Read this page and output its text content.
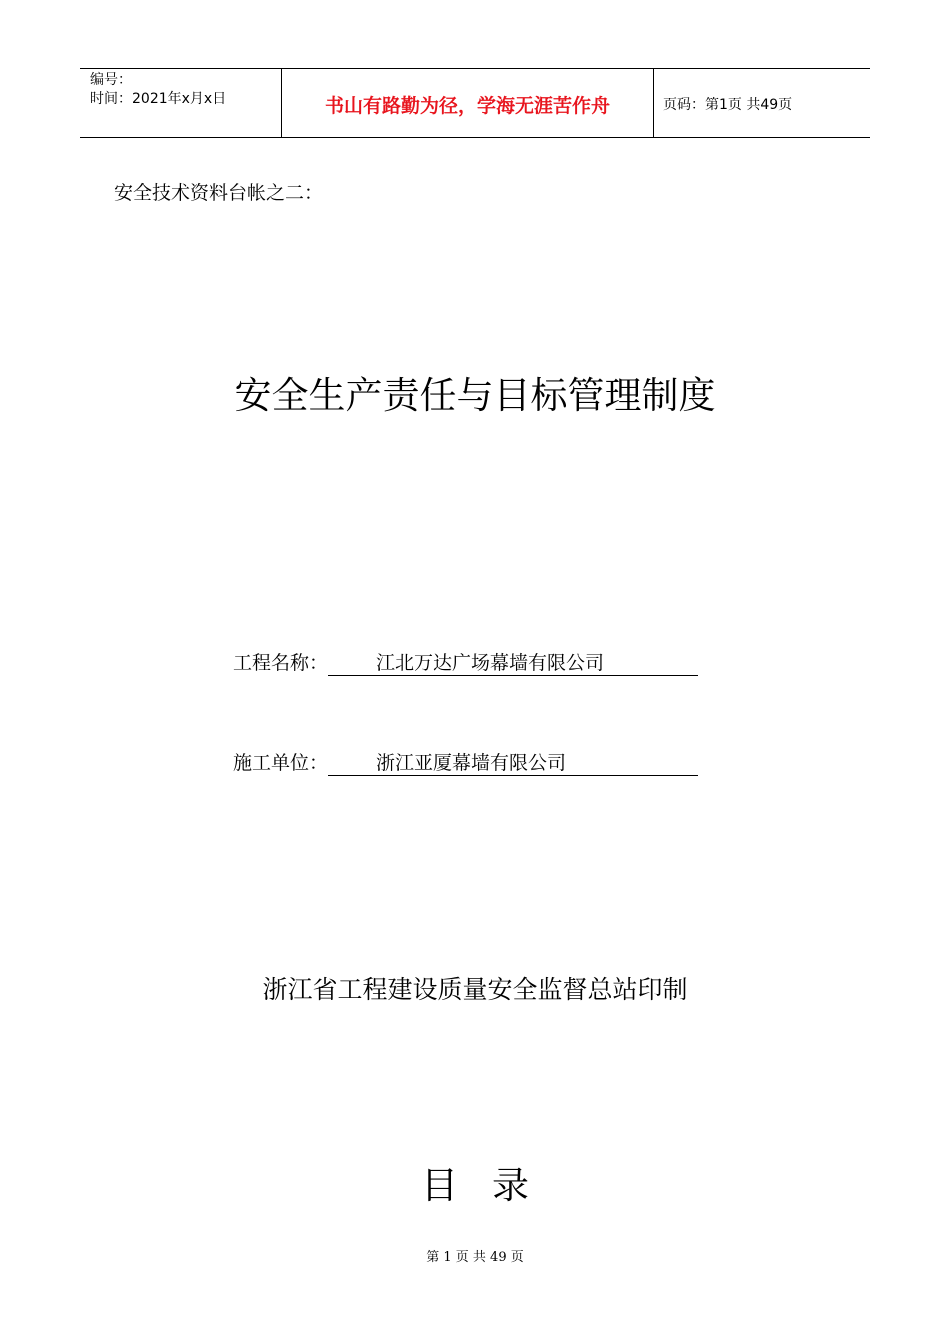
编号：
时间：2021年x月x日	书山有路勤为径，学海无涯苦作舟	页码：第1页 共49页
安全技术资料台帐之二：
安全生产责任与目标管理制度
工程名称：	江北万达广场幕墙有限公司
施工单位：	浙江亚厦幕墙有限公司
浙江省工程建设质量安全监督总站印制
目录
第 1 页 共 49 页
